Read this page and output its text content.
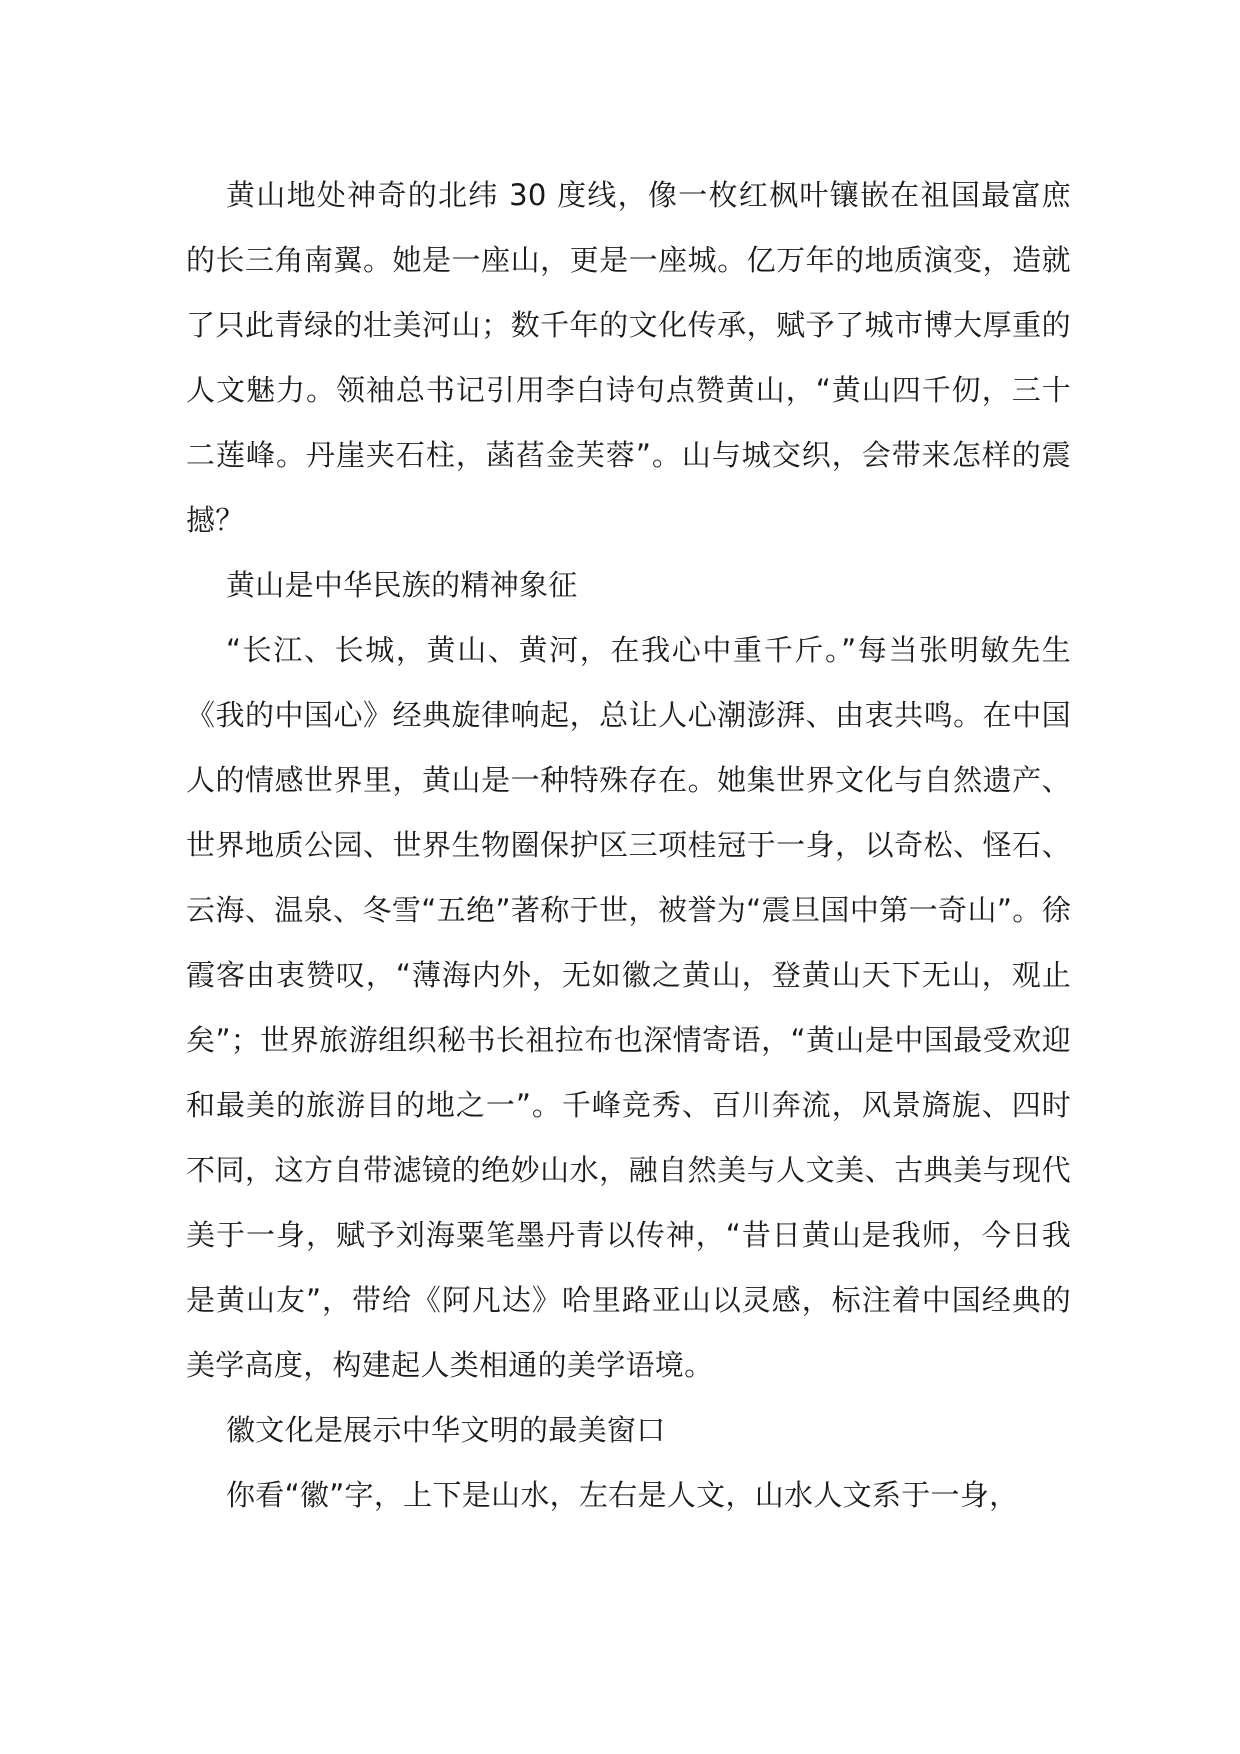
黄山地处神奇的北纬 30 度线，像一枚红枫叶镶嵌在祖国最富庶的长三角南翼。她是一座山，更是一座城。亿万年的地质演变，造就了只此青绿的壮美河山；数千年的文化传承，赋予了城市博大厚重的人文魅力。领袖总书记引用李白诗句点赞黄山，“黄山四千仞，三十二莲峰。丹崖夹石柱，菡萏金芙蓉”。山与城交织，会带来怎样的震撼？

黄山是中华民族的精神象征

“长江、长城，黄山、黄河，在我心中重千斤。”每当张明敏先生《我的中国心》经典旋律响起，总让人心潮澎湃、由衷共鸣。在中国人的情感世界里，黄山是一种特殊存在。她集世界文化与自然遗产、世界地质公园、世界生物圈保护区三项桂冠于一身，以奇松、怪石、云海、温泉、冬雪“五绝”著称于世，被誉为“震旦国中第一奇山”。徐霞客由衷赞叹，“薄海内外，无如徽之黄山，登黄山天下无山，观止矣”；世界旅游组织秘书长祖拉布也深情寄语，“黄山是中国最受欢迎和最美的旅游目的地之一”。千峰竞秀、百川奔流，风景旖旎、四时不同，这方自带滤镜的绝妙山水，融自然美与人文美、古典美与现代美于一身，赋予刘海粟笔墨丹青以传神，“昔日黄山是我师，今日我是黄山友”，带给《阿凡达》哈里路亚山以灵感，标注着中国经典的美学高度，构建起人类相通的美学语境。

徽文化是展示中华文明的最美窗口

你看“徽”字，上下是山水，左右是人文，山水人文系于一身，
